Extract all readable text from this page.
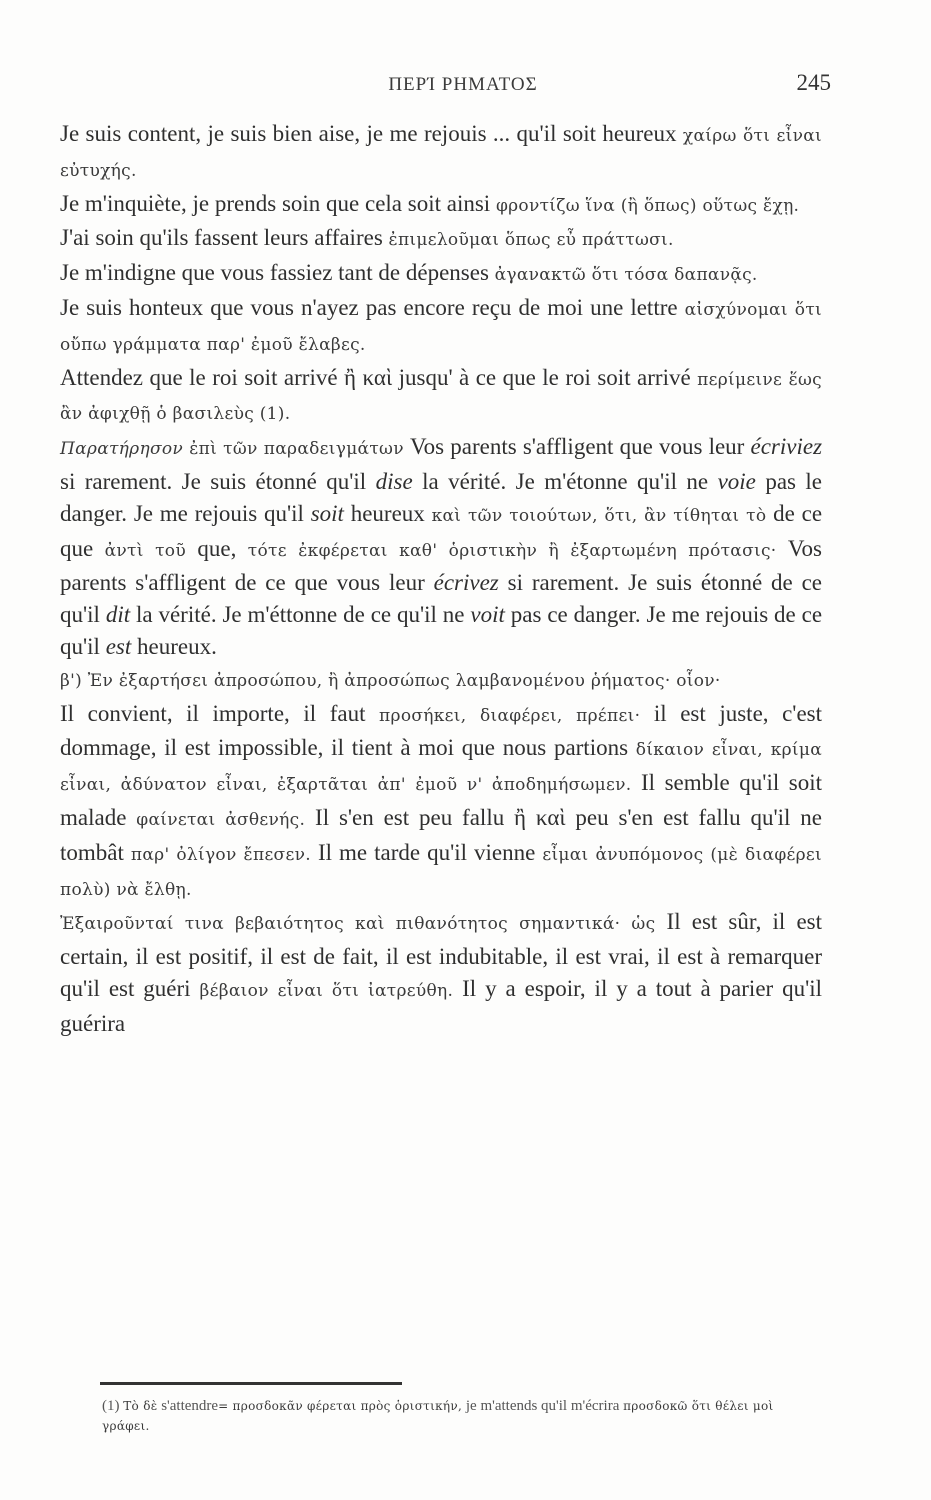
ΠΕΡΊ ΡΗΜΑΤΟΣ	245

Je suis content, je suis bien aise, je me rejouis ... qu'il soit heureux χαίρω ὅτι εἶναι εὐτυχής.

Je m'inquiète, je prends soin que cela soit ainsi φροντίζω ἵνα (ἢ ὅπως) οὕτως ἔχῃ.

J'ai soin qu'ils fassent leurs affaires ἐπιμελοῦμαι ὅπως εὖ πράττωσι.

Je m'indigne que vous fassiez tant de dépenses ἀγανακτῶ ὅτι τόσα δαπανᾷς.

Je suis honteux que vous n'ayez pas encore reçu de moi une lettre αἰσχύνομαι ὅτι οὔπω γράμματα παρ' ἐμοῦ ἔλαβες.

Attendez que le roi soit arrivé ἢ καὶ jusqu' à ce que le roi soit arrivé περίμεινε ἕως ἂν ἀφιχθῇ ὁ βασιλεὺς (1).

Παρατήρησον ἐπὶ τῶν παραδειγμάτων Vos parents s'affligent que vous leur écriviez si rarement. Je suis étonné qu'il dise la vérité. Je m'étonne qu'il ne voie pas le danger. Je me rejouis qu'il soit heureux καὶ τῶν τοιούτων, ὅτι, ἂν τίθηται τὸ de ce que ἀντὶ τοῦ que, τότε ἐκφέρεται καθ' ὁριστικὴν ἢ ἐξαρτωμένη πρότασις· Vos parents s'affligent de ce que vous leur écrivez si rarement. Je suis étonné de ce qu'il dit la vérité. Je m'éttonne de ce qu'il ne voit pas ce danger. Je me rejouis de ce qu'il est heureux.

β') Ἐν ἐξαρτήσει ἀπροσώπου, ἢ ἀπροσώπως λαμβανομένου ῥήματος· οἷον·

Il convient, il importe, il faut προσήκει, διαφέρει, πρέπει· il est juste, c'est dommage, il est impossible, il tient à moi que nous partions δίκαιον εἶναι, κρίμα εἶναι, ἀδύνατον εἶναι, ἐξαρτᾶται ἀπ' ἐμοῦ ν' ἀποδημήσωμεν. Il semble qu'il soit malade φαίνεται ἀσθενής. Il s'en est peu fallu ἢ καὶ peu s'en est fallu qu'il ne tombât παρ' ὀλίγον ἔπεσεν. Il me tarde qu'il vienne εἶμαι ἀνυπόμονος (μὲ διαφέρει πολὺ) νὰ ἔλθῃ.

Ἐξαιροῦνταί τινα βεβαιότητος καὶ πιθανότητος σημαντικά· ὡς Il est sûr, il est certain, il est positif, il est de fait, il est indubitable, il est vrai, il est à remarquer qu'il est guéri βέβαιον εἶναι ὅτι ἰατρεύθη. Il y a espoir, il y a tout à parier qu'il guérira

(1) Τὸ δὲ s'attendre= προσδοκᾶν φέρεται πρὸς ὁριστικήν, je m'attends qu'il m'écrira προσδοκῶ ὅτι θέλει μοὶ γράφει.
